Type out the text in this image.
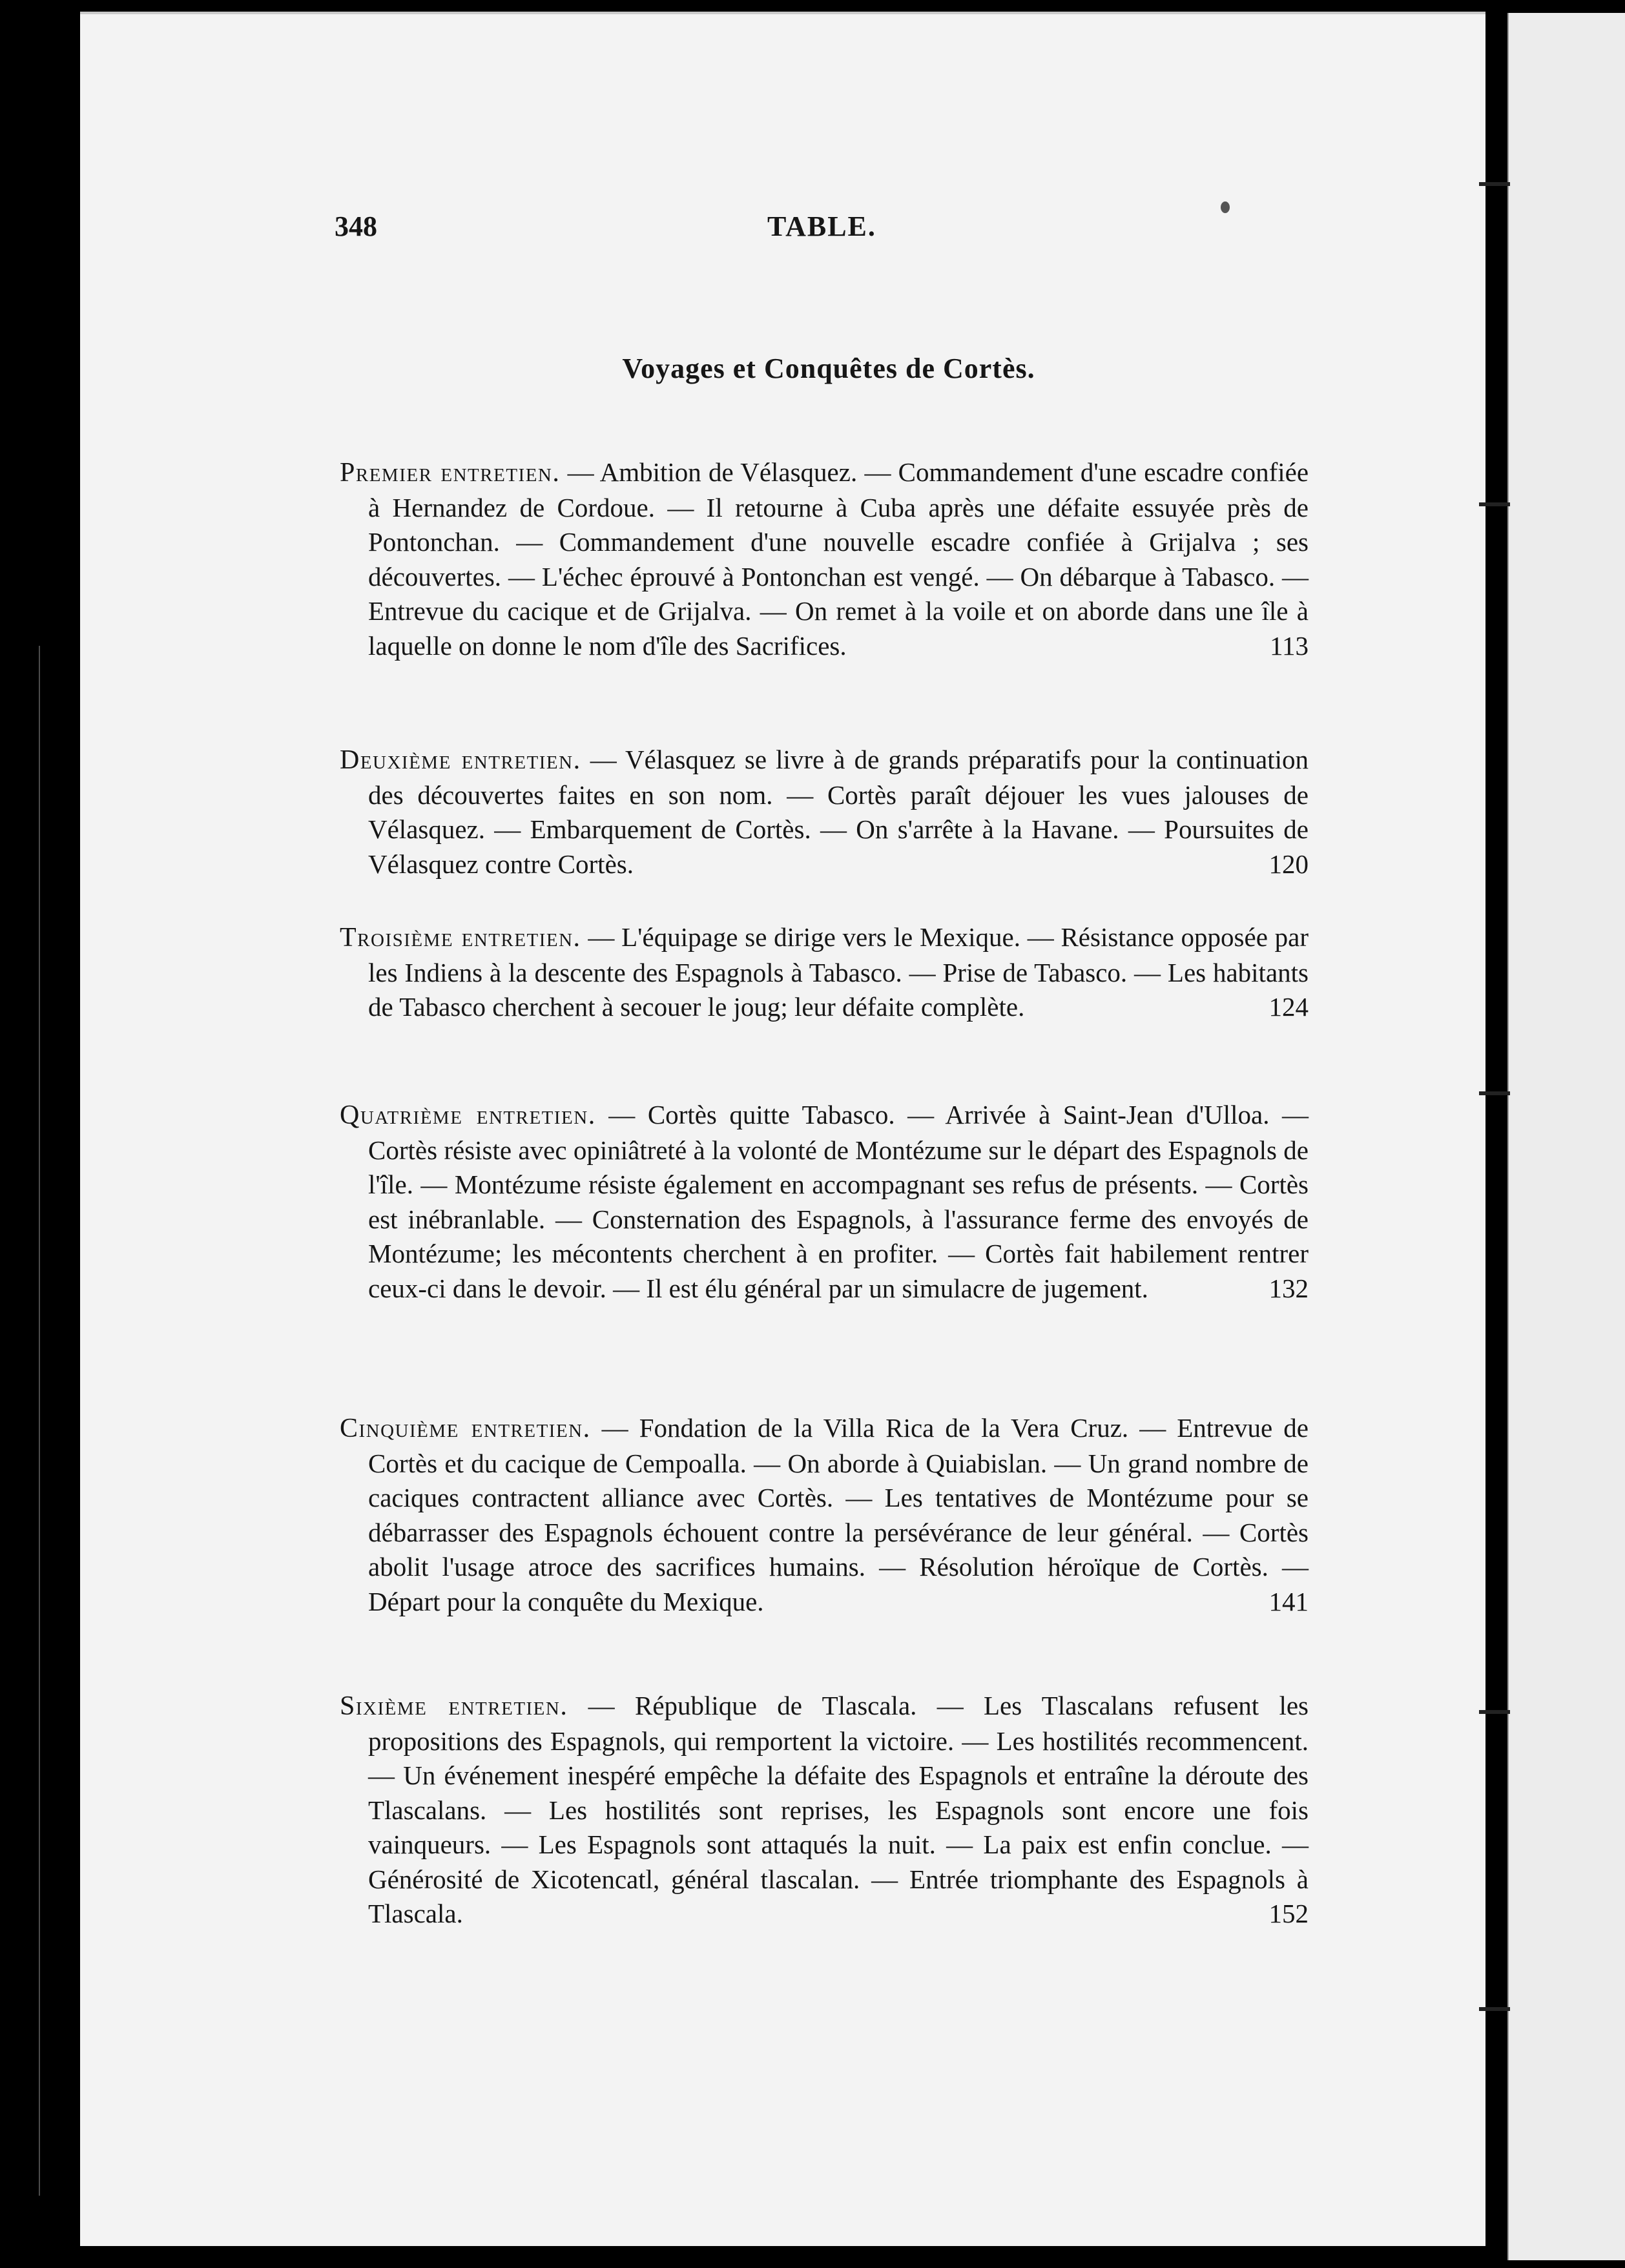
348	TABLE.
Voyages et Conquêtes de Cortès.
Premier entretien. — Ambition de Vélasquez. — Commandement d'une escadre confiée à Hernandez de Cordoue. — Il retourne à Cuba après une défaite essuyée près de Pontonchan. — Commandement d'une nouvelle escadre confiée à Grijalva ; ses découvertes. — L'échec éprouvé à Pontonchan est vengé. — On débarque à Tabasco. — Entrevue du cacique et de Grijalva. — On remet à la voile et on aborde dans une île à laquelle on donne le nom d'île des Sacrifices.	113
Deuxième entretien. — Vélasquez se livre à de grands préparatifs pour la continuation des découvertes faites en son nom. — Cortès paraît déjouer les vues jalouses de Vélasquez. — Embarquement de Cortès. — On s'arrête à la Havane. — Poursuites de Vélasquez contre Cortès.	120
Troisième entretien. — L'équipage se dirige vers le Mexique. — Résistance opposée par les Indiens à la descente des Espagnols à Tabasco. — Prise de Tabasco. — Les habitants de Tabasco cherchent à secouer le joug; leur défaite complète.	124
Quatrième entretien. — Cortès quitte Tabasco. — Arrivée à Saint-Jean d'Ulloa. — Cortès résiste avec opiniâtreté à la volonté de Montézume sur le départ des Espagnols de l'île. — Montézume résiste également en accompagnant ses refus de présents. — Cortès est inébranlable. — Consternation des Espagnols, à l'assurance ferme des envoyés de Montézume; les mécontents cherchent à en profiter. — Cortès fait habilement rentrer ceux-ci dans le devoir. — Il est élu général par un simulacre de jugement.	132
Cinquième entretien. — Fondation de la Villa Rica de la Vera Cruz. — Entrevue de Cortès et du cacique de Cempoalla. — On aborde à Quiabislan. — Un grand nombre de caciques contractent alliance avec Cortès. — Les tentatives de Montézume pour se débarrasser des Espagnols échouent contre la persévérance de leur général. — Cortès abolit l'usage atroce des sacrifices humains. — Résolution héroïque de Cortès. — Départ pour la conquête du Mexique.	141
Sixième entretien. — République de Tlascala. — Les Tlascalans refusent les propositions des Espagnols, qui remportent la victoire. — Les hostilités recommencent. — Un événement inespéré empêche la défaite des Espagnols et entraîne la déroute des Tlascalans. — Les hostilités sont reprises, les Espagnols sont encore une fois vainqueurs. — Les Espagnols sont attaqués la nuit. — La paix est enfin conclue. — Générosité de Xicotencatl, général tlascalan. — Entrée triomphante des Espagnols à Tlascala.	152
